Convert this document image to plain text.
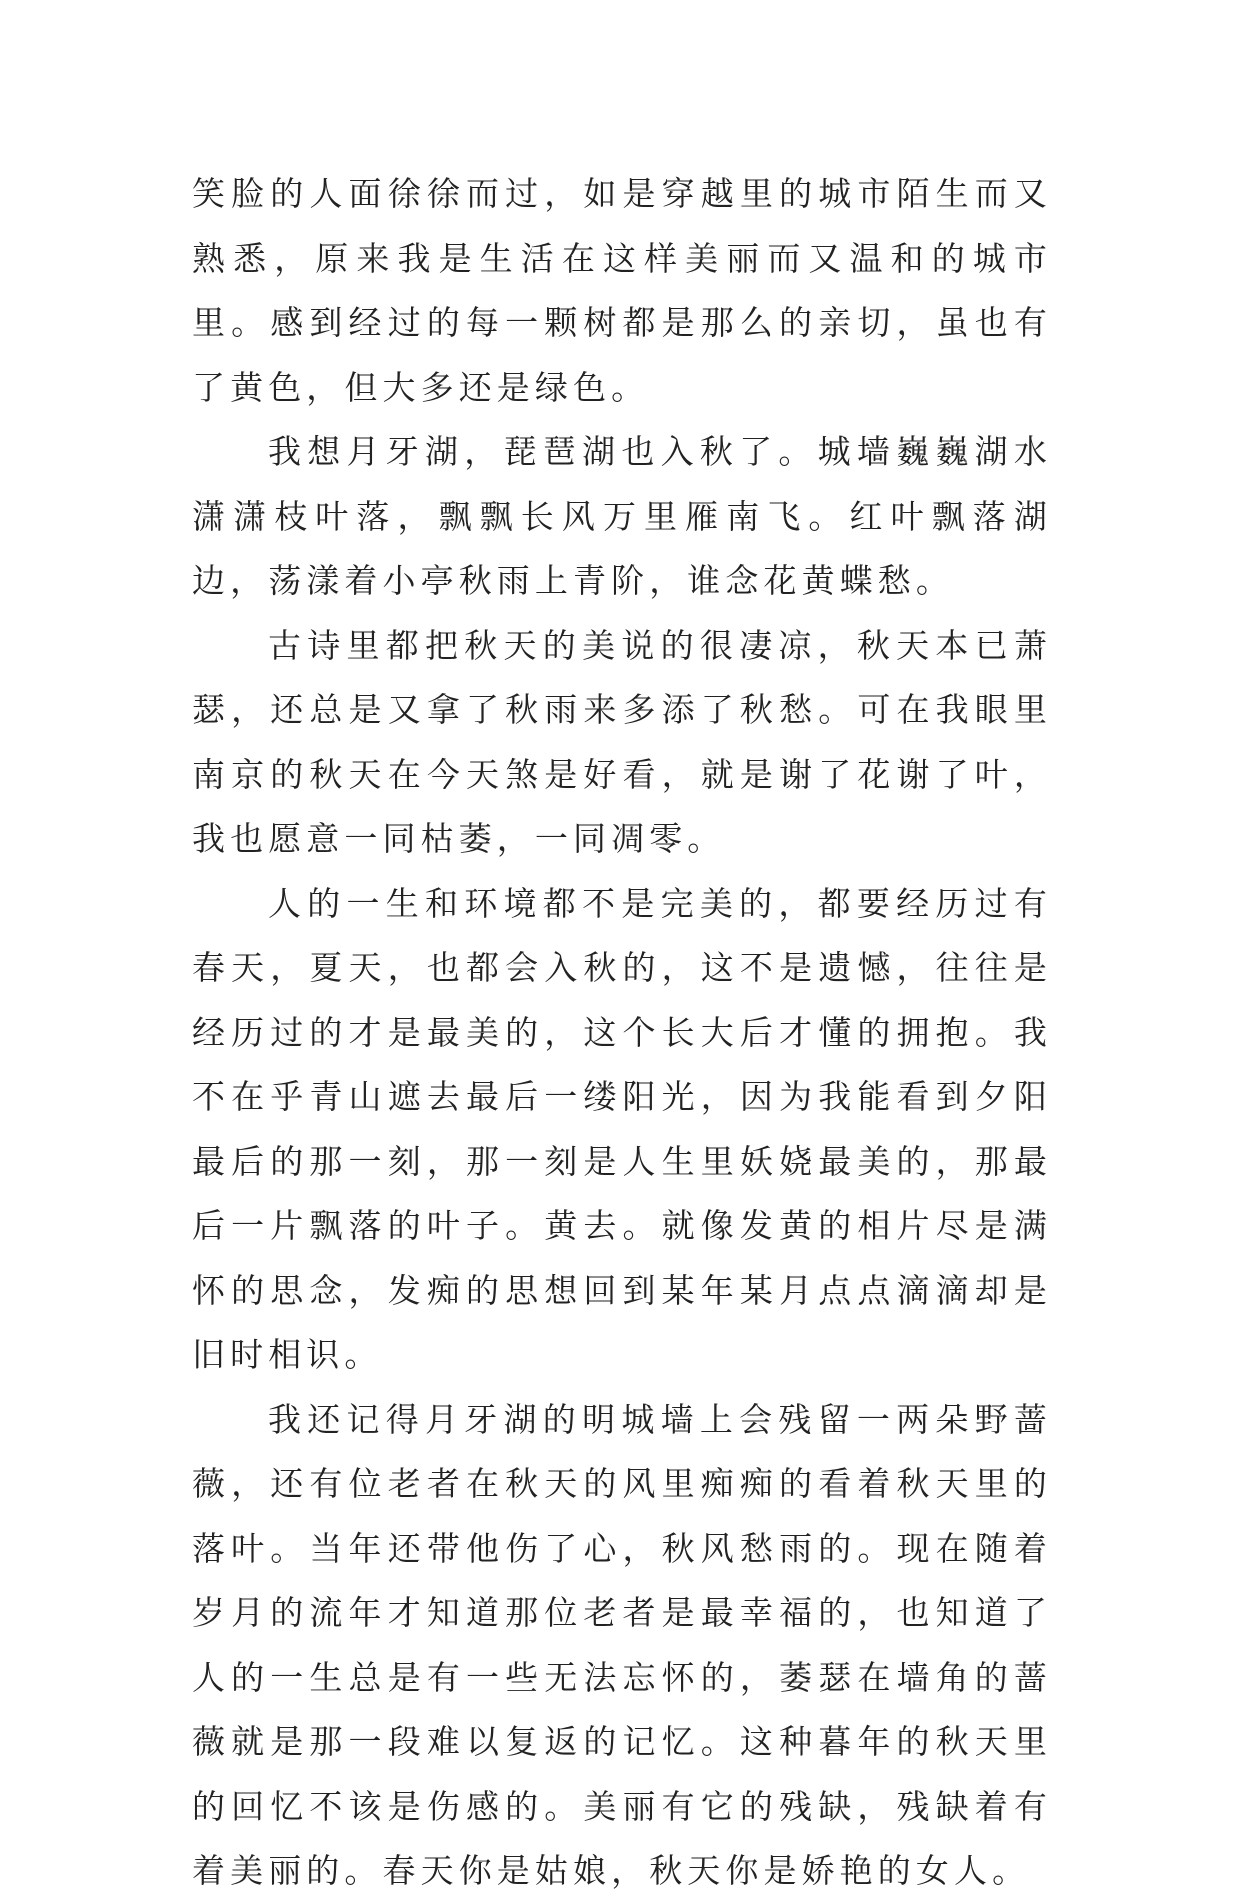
笑脸的人面徐徐而过，如是穿越里的城市陌生而又熟悉，原来我是生活在这样美丽而又温和的城市里。感到经过的每一颗树都是那么的亲切，虽也有了黄色，但大多还是绿色。

我想月牙湖，琵琶湖也入秋了。城墙巍巍湖水潇潇枝叶落，飘飘长风万里雁南飞。红叶飘落湖边，荡漾着小亭秋雨上青阶，谁念花黄蝶愁。

古诗里都把秋天的美说的很凄凉，秋天本已萧瑟，还总是又拿了秋雨来多添了秋愁。可在我眼里南京的秋天在今天煞是好看，就是谢了花谢了叶，我也愿意一同枯萎，一同凋零。

人的一生和环境都不是完美的，都要经历过有春天，夏天，也都会入秋的，这不是遗憾，往往是经历过的才是最美的，这个长大后才懂的拥抱。我不在乎青山遮去最后一缕阳光，因为我能看到夕阳最后的那一刻，那一刻是人生里妖娆最美的，那最后一片飘落的叶子。黄去。就像发黄的相片尽是满怀的思念，发痴的思想回到某年某月点点滴滴却是旧时相识。

我还记得月牙湖的明城墙上会残留一两朵野蔷薇，还有位老者在秋天的风里痴痴的看着秋天里的落叶。当年还带他伤了心，秋风愁雨的。现在随着岁月的流年才知道那位老者是最幸福的，也知道了人的一生总是有一些无法忘怀的，萎瑟在墙角的蔷薇就是那一段难以复返的记忆。这种暮年的秋天里的回忆不该是伤感的。美丽有它的残缺，残缺着有着美丽的。春天你是姑娘，秋天你是娇艳的女人。
